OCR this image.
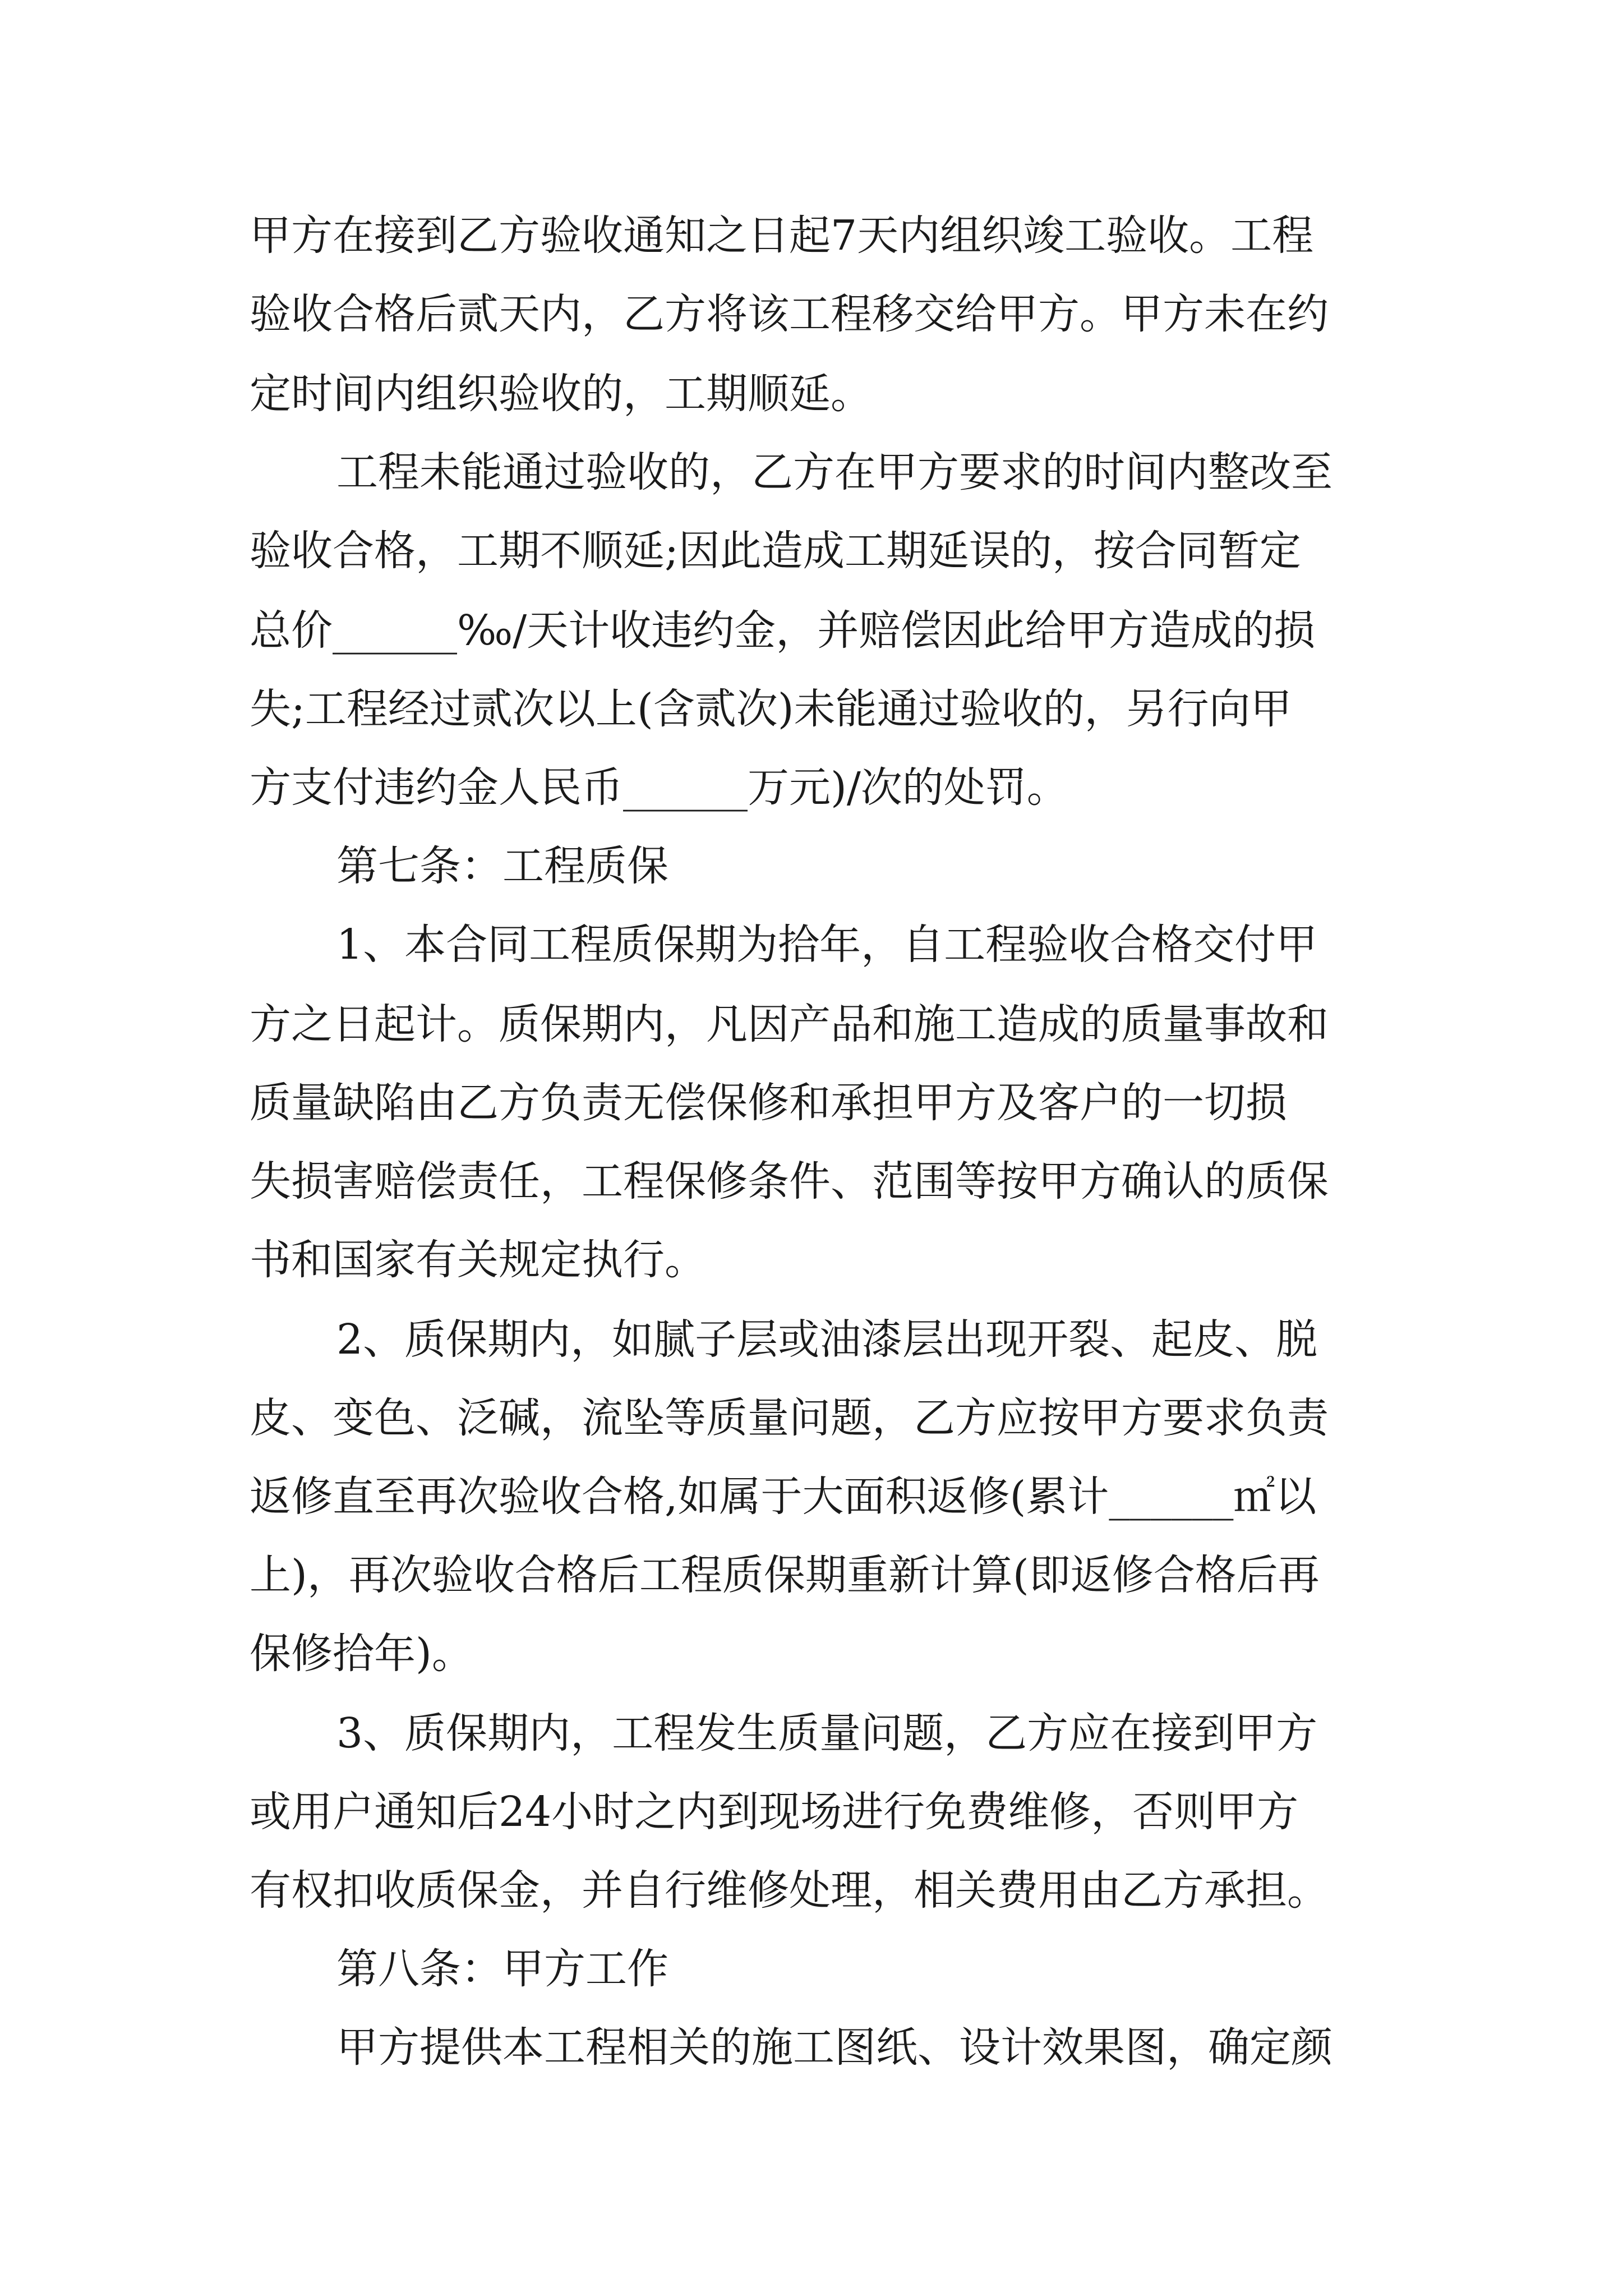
甲方在接到乙方验收通知之日起7天内组织竣工验收。工程

验收合格后贰天内，乙方将该工程移交给甲方。甲方未在约

定时间内组织验收的，工期顺延。

工程未能通过验收的，乙方在甲方要求的时间内整改至

验收合格，工期不顺延;因此造成工期延误的，按合同暂定

总价______‰/天计收违约金，并赔偿因此给甲方造成的损

失;工程经过贰次以上(含贰次)未能通过验收的，另行向甲

方支付违约金人民币______万元)/次的处罚。

第七条：工程质保

1、本合同工程质保期为拾年，自工程验收合格交付甲

方之日起计。质保期内，凡因产品和施工造成的质量事故和

质量缺陷由乙方负责无偿保修和承担甲方及客户的一切损

失损害赔偿责任，工程保修条件、范围等按甲方确认的质保

书和国家有关规定执行。

2、质保期内，如腻子层或油漆层出现开裂、起皮、脱

皮、变色、泛碱，流坠等质量问题，乙方应按甲方要求负责

返修直至再次验收合格,如属于大面积返修(累计______㎡以

上)，再次验收合格后工程质保期重新计算(即返修合格后再

保修拾年)。

3、质保期内，工程发生质量问题，乙方应在接到甲方

或用户通知后24小时之内到现场进行免费维修，否则甲方

有权扣收质保金，并自行维修处理，相关费用由乙方承担。

第八条：甲方工作

甲方提供本工程相关的施工图纸、设计效果图，确定颜
